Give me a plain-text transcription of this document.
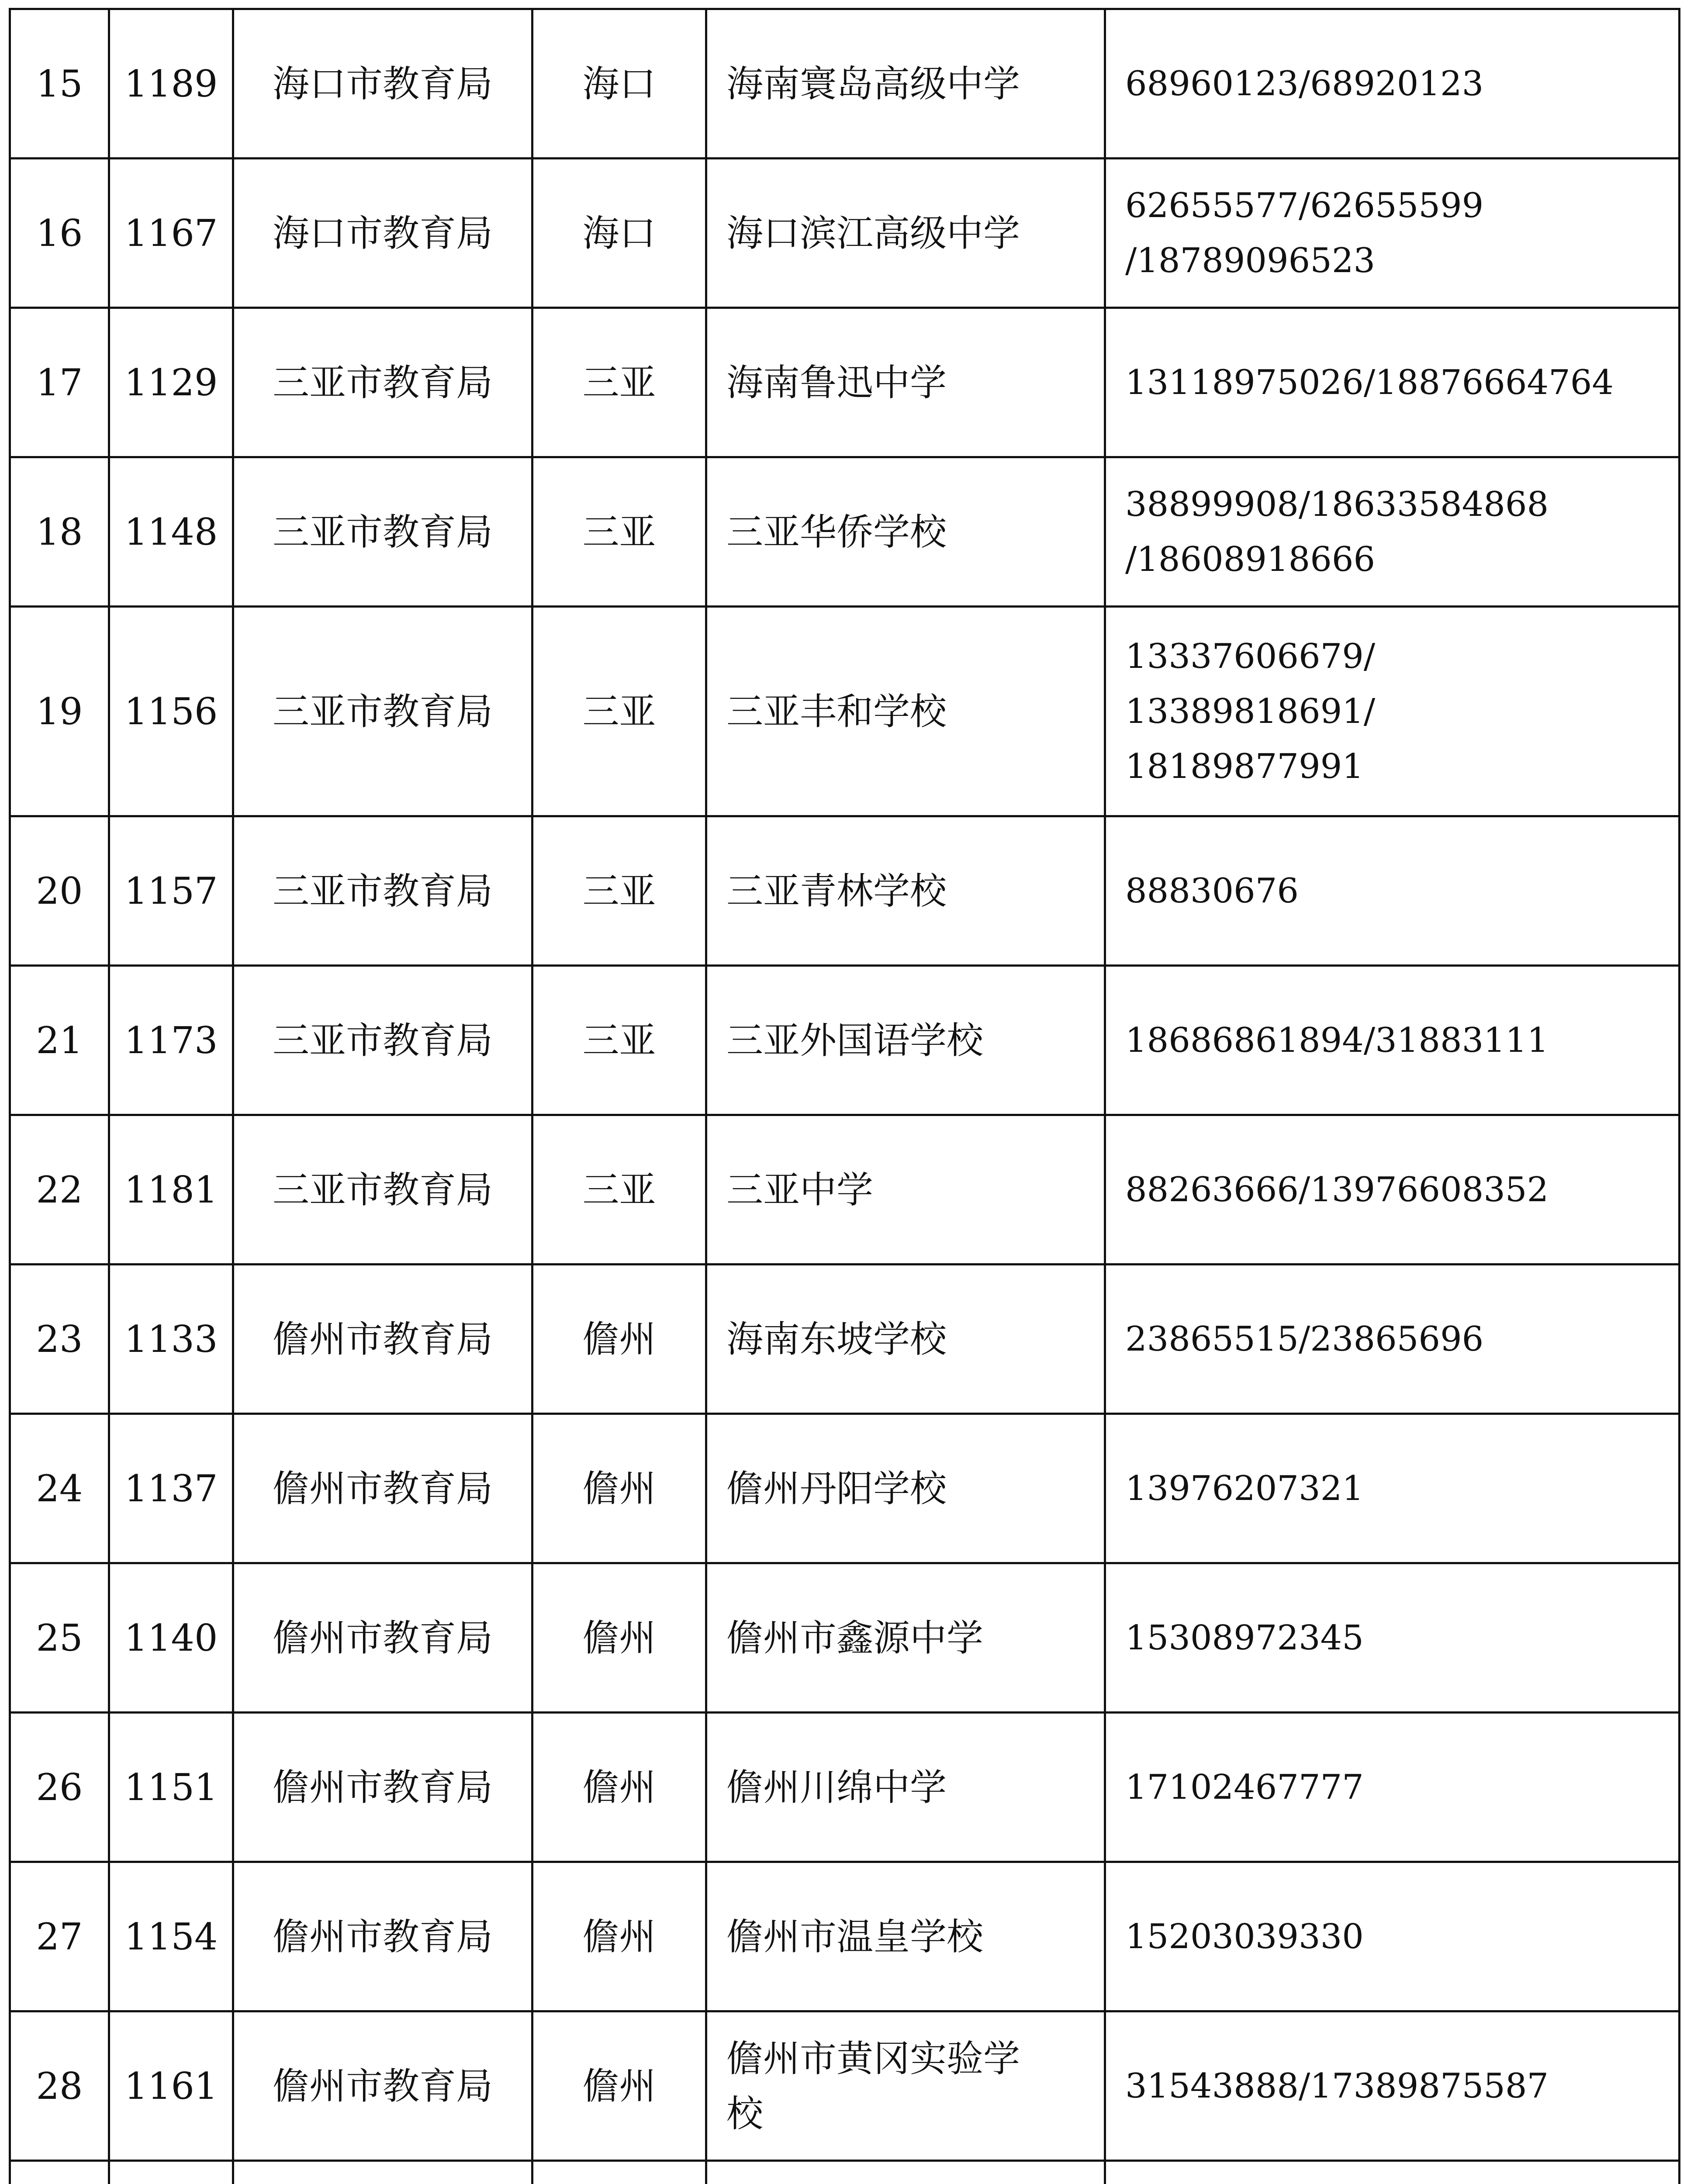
15	1189	海口市教育局	海口	海南寰岛高级中学	68960123/68920123

16	1167	海口市教育局	海口	海口滨江高级中学	62655577/62655599
/18789096523

17	1129	三亚市教育局	三亚	海南鲁迅中学	13118975026/18876664764

18	1148	三亚市教育局	三亚	三亚华侨学校	38899908/18633584868
/18608918666

19	1156	三亚市教育局	三亚	三亚丰和学校	13337606679/
13389818691/
18189877991

20	1157	三亚市教育局	三亚	三亚青林学校	88830676

21	1173	三亚市教育局	三亚	三亚外国语学校	18686861894/31883111

22	1181	三亚市教育局	三亚	三亚中学	88263666/13976608352

23	1133	儋州市教育局	儋州	海南东坡学校	23865515/23865696

24	1137	儋州市教育局	儋州	儋州丹阳学校	13976207321

25	1140	儋州市教育局	儋州	儋州市鑫源中学	15308972345

26	1151	儋州市教育局	儋州	儋州川绵中学	17102467777

27	1154	儋州市教育局	儋州	儋州市温皇学校	15203039330

28	1161	儋州市教育局	儋州	儋州市黄冈实验学
校	31543888/17389875587
